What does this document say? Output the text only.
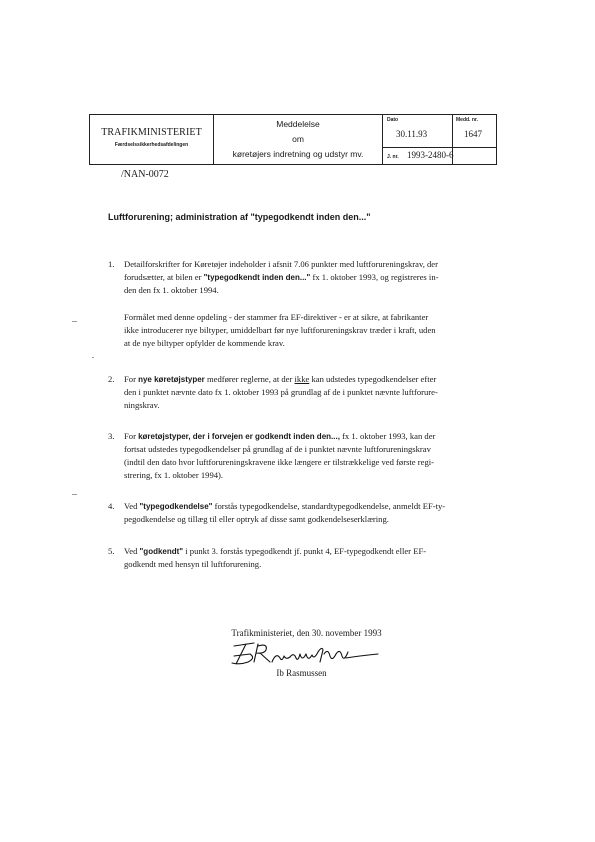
TRAFIKMINISTERIET
Færdselssikkerhedsafdelingen
Meddelelse
om
køretøjers indretning og udstyr mv.
Dato
30.11.93
Medd. nr.
1647
J. nr. 1993-2480-6
/NAN-0072
Luftforurening; administration af "typegodkendt inden den..."
1. Detailforskrifter for Køretøjer indeholder i afsnit 7.06 punkter med luftforureningskrav, der
forudsætter, at bilen er "typegodkendt inden den..." fx 1. oktober 1993, og registreres in-
den den fx 1. oktober 1994.
Formålet med denne opdeling - der stammer fra EF-direktiver - er at sikre, at fabrikanter
ikke introducerer nye biltyper, umiddelbart før nye luftforureningskrav træder i kraft, uden
at de nye biltyper opfylder de kommende krav.
2. For nye køretøjstyper medfører reglerne, at der ikke kan udstedes typegodkendelser efter
den i punktet nævnte dato fx 1. oktober 1993 på grundlag af de i punktet nævnte luftforure-
ningskrav.
3. For køretøjstyper, der i forvejen er godkendt inden den..., fx 1. oktober 1993, kan der
fortsat udstedes typegodkendelser på grundlag af de i punktet nævnte luftforureningskrav
(indtil den dato hvor luftforureningskravene ikke længere er tilstrækkelige ved første regi-
strering, fx 1. oktober 1994).
4. Ved "typegodkendelse" forstås typegodkendelse, standardtypegodkendelse, anmeldt EF-ty-
pegodkendelse og tillæg til eller optryk af disse samt godkendelseserklæring.
5. Ved "godkendt" i punkt 3. forstås typegodkendt jf. punkt 4, EF-typegodkendt eller EF-
godkendt med hensyn til luftforurening.
Trafikministeriet, den 30. november 1993
Ib Rasmussen
